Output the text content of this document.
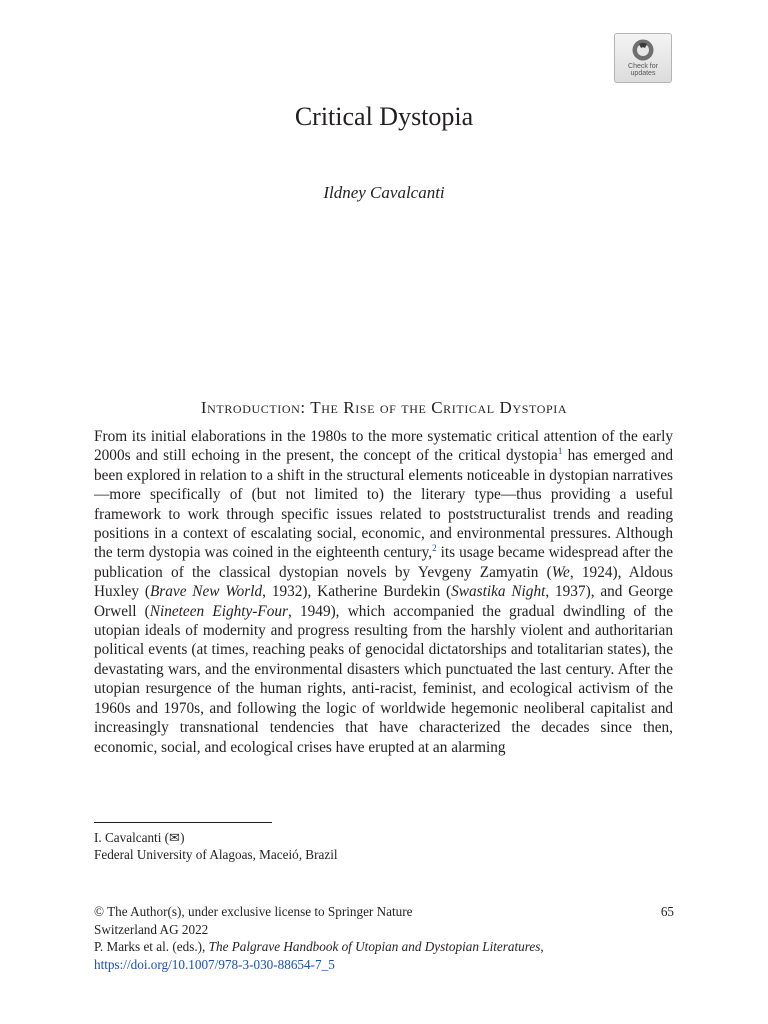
Check for
updates
Critical Dystopia
Ildney Cavalcanti
Introduction: The Rise of the Critical Dystopia

From its initial elaborations in the 1980s to the more systematic critical attention of the early 2000s and still echoing in the present, the concept of the critical dystopia$^1$ has emerged and been explored in relation to a shift in the structural elements noticeable in dystopian narratives—more specifically of (but not limited to) the literary type—thus providing a useful framework to work through specific issues related to poststructuralist trends and reading positions in a context of escalating social, economic, and environmental pressures. Although the term dystopia was coined in the eighteenth century,$^2$ its usage became widespread after the publication of the classical dystopian novels by Yevgeny Zamyatin (We, 1924), Aldous Huxley (Brave New World, 1932), Katherine Burdekin (Swastika Night, 1937), and George Orwell (Nineteen Eighty-Four, 1949), which accompanied the gradual dwindling of the utopian ideals of modernity and progress resulting from the harshly violent and authoritarian political events (at times, reaching peaks of genocidal dictatorships and totalitarian states), the devastating wars, and the environmental disasters which punctuated the last century. After the utopian resurgence of the human rights, anti-racist, feminist, and ecological activism of the 1960s and 1970s, and following the logic of worldwide hegemonic neoliberal capitalist and increasingly transnational tendencies that have characterized the decades since then, economic, social, and ecological crises have erupted at an alarming

I. Cavalcanti (✉)
Federal University of Alagoas, Maceió, Brazil
65
© The Author(s), under exclusive license to Springer Nature
Switzerland AG 2022
P. Marks et al. (eds.), The Palgrave Handbook of Utopian and Dystopian Literatures, https://doi.org/10.1007/978-3-030-88654-7_5
